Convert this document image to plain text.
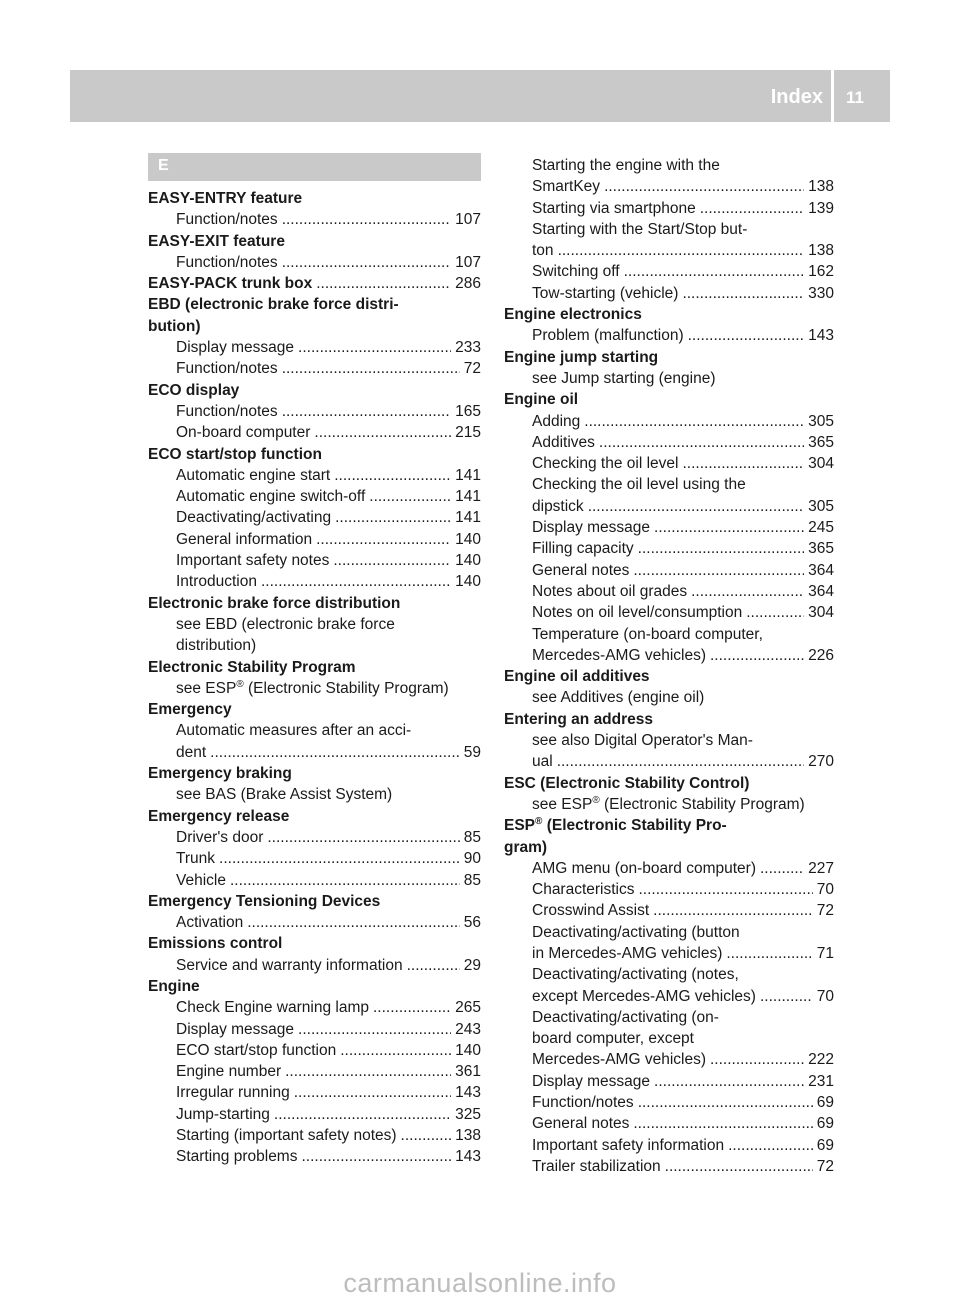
Index 11
E
EASY-ENTRY feature
Function/notes .....	107
EASY-EXIT feature
Function/notes .....	107
EASY-PACK trunk box .....	286
EBD (electronic brake force distri-
bution)
Display message .....	233
Function/notes .....	72
ECO display
Function/notes .....	165
On-board computer .....	215
ECO start/stop function
Automatic engine start .....	141
Automatic engine switch-off .....	141
Deactivating/activating .....	141
General information .....	140
Important safety notes .....	140
Introduction .....	140
Electronic brake force distribution
see EBD (electronic brake force
distribution)
Electronic Stability Program
see ESP® (Electronic Stability Program)
Emergency
Automatic measures after an acci-
dent .....	59
Emergency braking
see BAS (Brake Assist System)
Emergency release
Driver's door .....	85
Trunk .....	90
Vehicle .....	85
Emergency Tensioning Devices
Activation .....	56
Emissions control
Service and warranty information .....	29
Engine
Check Engine warning lamp .....	265
Display message .....	243
ECO start/stop function .....	140
Engine number .....	361
Irregular running .....	143
Jump-starting .....	325
Starting (important safety notes) .....	138
Starting problems .....	143
Starting the engine with the
SmartKey .....	138
Starting via smartphone .....	139
Starting with the Start/Stop but-
ton .....	138
Switching off .....	162
Tow-starting (vehicle) .....	330
Engine electronics
Problem (malfunction) .....	143
Engine jump starting
see Jump starting (engine)
Engine oil
Adding .....	305
Additives .....	365
Checking the oil level .....	304
Checking the oil level using the
dipstick .....	305
Display message .....	245
Filling capacity .....	365
General notes .....	364
Notes about oil grades .....	364
Notes on oil level/consumption .....	304
Temperature (on-board computer,
Mercedes-AMG vehicles) .....	226
Engine oil additives
see Additives (engine oil)
Entering an address
see also Digital Operator's Man-
ual .....	270
ESC (Electronic Stability Control)
see ESP® (Electronic Stability Program)
ESP® (Electronic Stability Pro-
gram)
AMG menu (on-board computer) .....	227
Characteristics .....	70
Crosswind Assist .....	72
Deactivating/activating (button
in Mercedes-AMG vehicles) .....	71
Deactivating/activating (notes,
except Mercedes-AMG vehicles) .....	70
Deactivating/activating (on-
board computer, except
Mercedes-AMG vehicles) .....	222
Display message .....	231
Function/notes .....	69
General notes .....	69
Important safety information .....	69
Trailer stabilization .....	72
carmanualsonline.info
